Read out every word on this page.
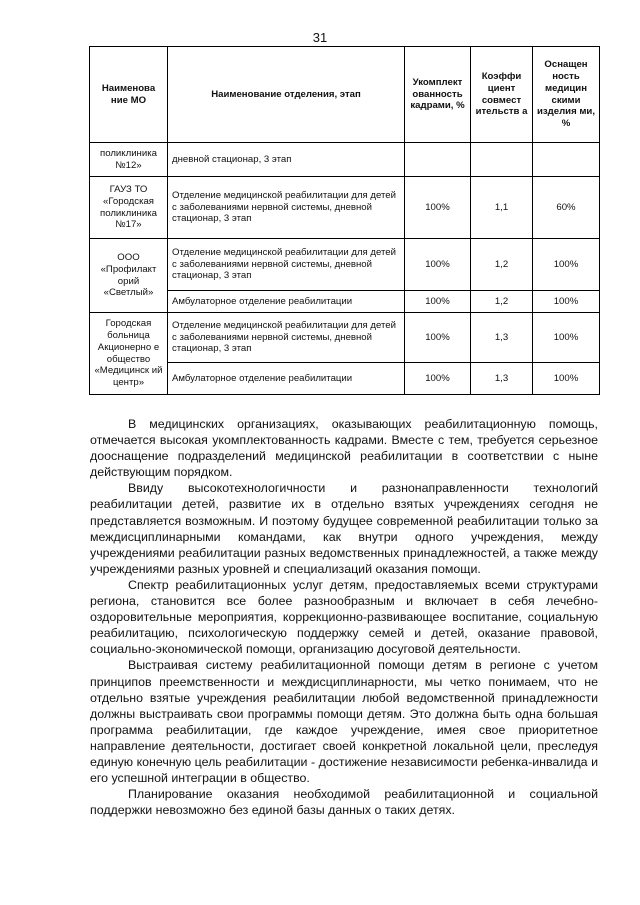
31
Наименова ние МО	Наименование отделения, этап	Укомплект ованность кадрами, %	Коэффи циент совмест ительств а	Оснащен ность медицин скими изделия ми, %
поликлиника №12»	дневной стационар, 3 этап			
ГАУЗ ТО «Городская поликлиника №17»	Отделение медицинской реабилитации для детей с заболеваниями нервной системы, дневной стационар, 3 этап	100%	1,1	60%
ООО «Профилакт орий «Светлый»	Отделение медицинской реабилитации для детей с заболеваниями нервной системы, дневной стационар, 3 этап	100%	1,2	100%
	Амбулаторное отделение реабилитации	100%	1,2	100%
Городская больница Акционерно е общество «Медицинск ий центр»	Отделение медицинской реабилитации для детей с заболеваниями нервной системы, дневной стационар, 3 этап	100%	1,3	100%
	Амбулаторное отделение реабилитации	100%	1,3	100%

В медицинских организациях, оказывающих реабилитационную помощь, отмечается высокая укомплектованность кадрами. Вместе с тем, требуется серьезное дооснащение подразделений медицинской реабилитации в соответствии с ныне действующим порядком.

Ввиду высокотехнологичности и разнонаправленности технологий реабилитации детей, развитие их в отдельно взятых учреждениях сегодня не представляется возможным. И поэтому будущее современной реабилитации только за междисциплинарными командами, как внутри одного учреждения, между учреждениями реабилитации разных ведомственных принадлежностей, а также между учреждениями разных уровней и специализаций оказания помощи.

Спектр реабилитационных услуг детям, предоставляемых всеми структурами региона, становится все более разнообразным и включает в себя лечебно-оздоровительные мероприятия, коррекционно-развивающее воспитание, социальную реабилитацию, психологическую поддержку семей и детей, оказание правовой, социально-экономической помощи, организацию досуговой деятельности.

Выстраивая систему реабилитационной помощи детям в регионе с учетом принципов преемственности и междисциплинарности, мы четко понимаем, что не отдельно взятые учреждения реабилитации любой ведомственной принадлежности должны выстраивать свои программы помощи детям. Это должна быть одна большая программа реабилитации, где каждое учреждение, имея свое приоритетное направление деятельности, достигает своей конкретной локальной цели, преследуя единую конечную цель реабилитации - достижение независимости ребенка-инвалида и его успешной интеграции в общество.

Планирование оказания необходимой реабилитационной и социальной поддержки невозможно без единой базы данных о таких детях.
